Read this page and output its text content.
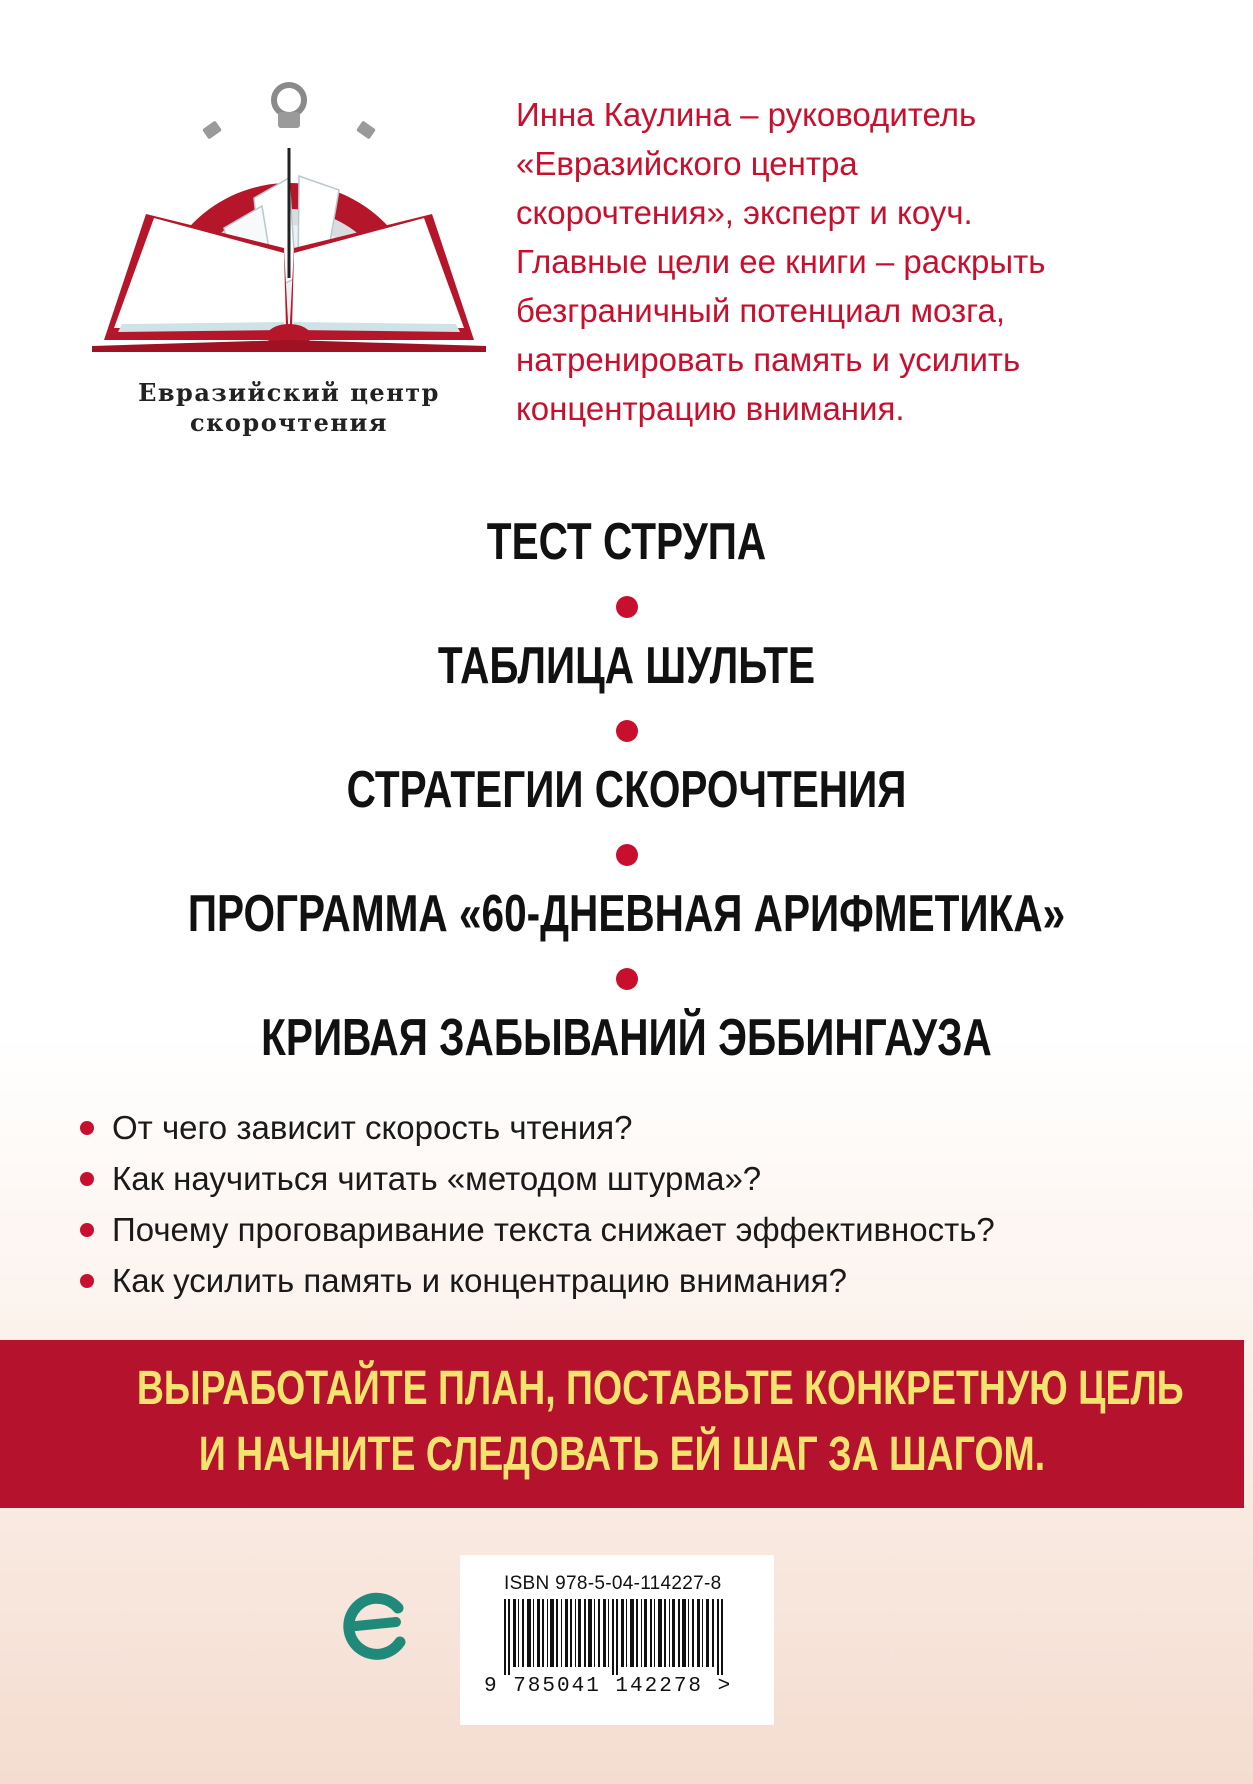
Евразийский центр
скорочтения
Инна Каулина – руководитель
«Евразийского центра
скорочтения», эксперт и коуч.
Главные цели ее книги – раскрыть
безграничный потенциал мозга,
натренировать память и усилить
концентрацию внимания.
ТЕСТ СТРУПА
ТАБЛИЦА ШУЛЬТЕ
СТРАТЕГИИ СКОРОЧТЕНИЯ
ПРОГРАММА «60-ДНЕВНАЯ АРИФМЕТИКА»
КРИВАЯ ЗАБЫВАНИЙ ЭББИНГАУЗА
От чего зависит скорость чтения?
Как научиться читать «методом штурма»?
Почему проговаривание текста снижает эффективность?
Как усилить память и концентрацию внимания?
ВЫРАБОТАЙТЕ ПЛАН, ПОСТАВЬТЕ КОНКРЕТНУЮ ЦЕЛЬ
И НАЧНИТЕ СЛЕДОВАТЬ ЕЙ ШАГ ЗА ШАГОМ.
ISBN 978-5-04-114227-8
9 785041 142278 >
